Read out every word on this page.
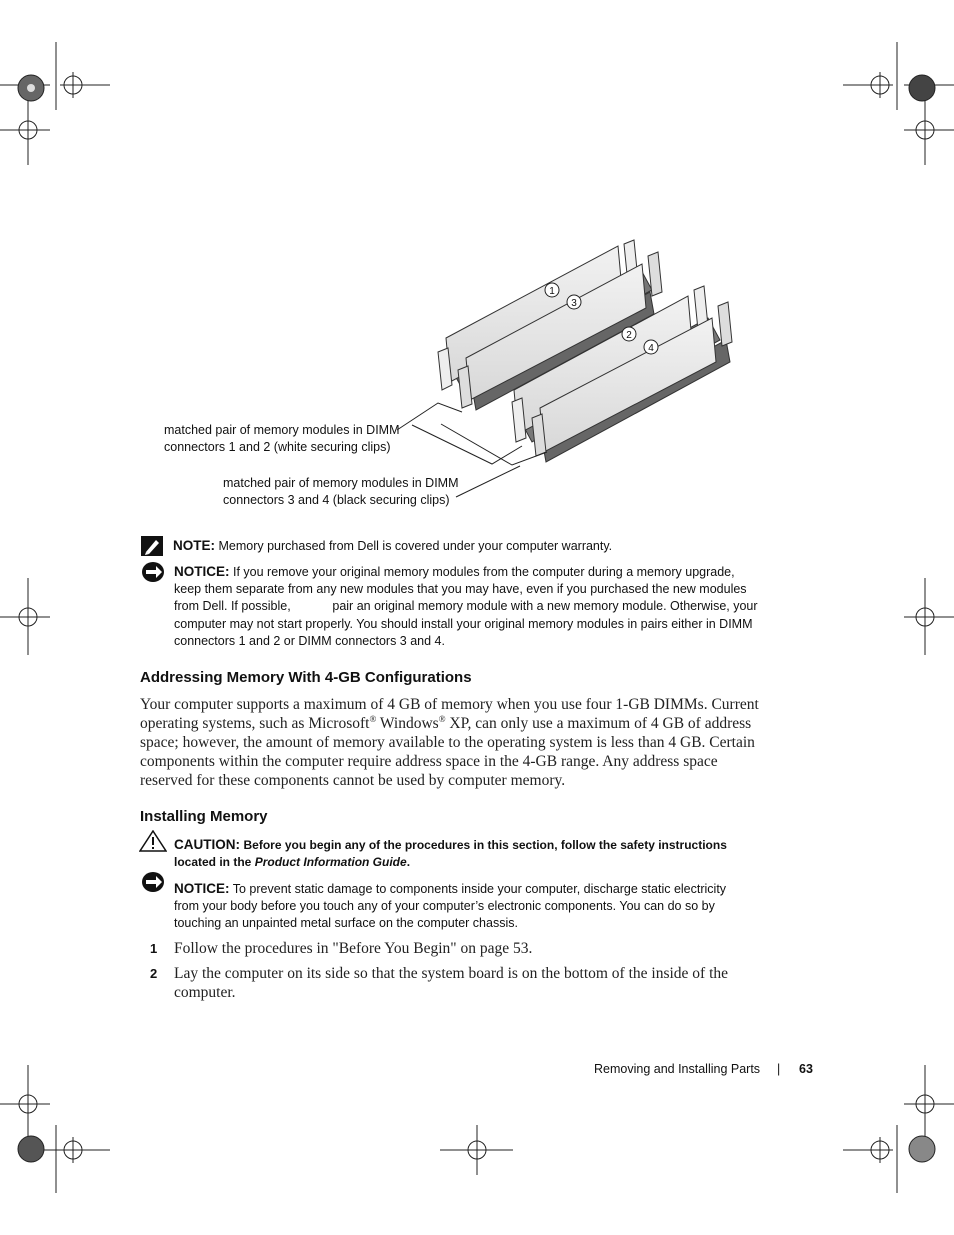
1
3
2
4
matched pair of memory modules in DIMM
connectors 1 and 2 (white securing clips)
matched pair of memory modules in DIMM
connectors 3 and 4 (black securing clips)
NOTE: Memory purchased from Dell is covered under your computer warranty.
NOTICE: If you remove your original memory modules from the computer during a memory upgrade,
keep them separate from any new modules that you may have, even if you purchased the new modules
from Dell. If possible,            pair an original memory module with a new memory module. Otherwise, your
computer may not start properly. You should install your original memory modules in pairs either in DIMM
connectors 1 and 2 or DIMM connectors 3 and 4.
Addressing Memory With 4-GB Configurations
Your computer supports a maximum of 4 GB of memory when you use four 1-GB DIMMs. Current
operating systems, such as Microsoft® Windows® XP, can only use a maximum of 4 GB of address
space; however, the amount of memory available to the operating system is less than 4 GB. Certain
components within the computer require address space in the 4-GB range. Any address space
reserved for these components cannot be used by computer memory.
Installing Memory
CAUTION: Before you begin any of the procedures in this section, follow the safety instructions
located in the Product Information Guide.
NOTICE: To prevent static damage to components inside your computer, discharge static electricity
from your body before you touch any of your computer’s electronic components. You can do so by
touching an unpainted metal surface on the computer chassis.
1 Follow the procedures in "Before You Begin" on page 53.
2 Lay the computer on its side so that the system board is on the bottom of the inside of the
computer.
Removing and Installing Parts | 63
